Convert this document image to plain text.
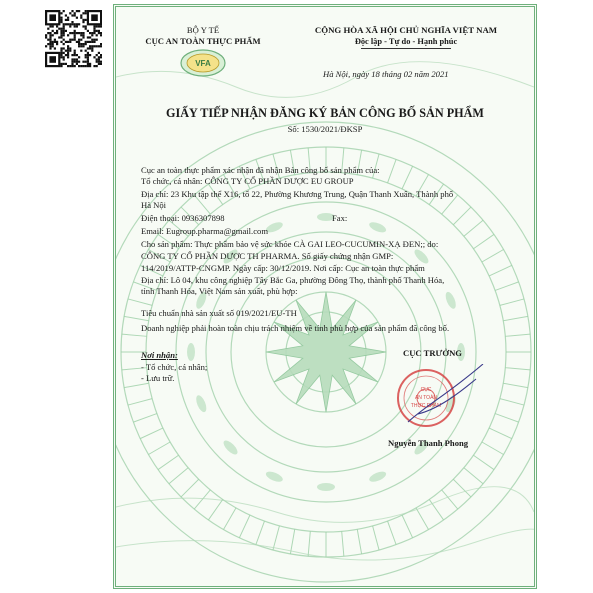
BỘ Y TẾ
CỤC AN TOÀN THỰC PHẨM
VFA
CỘNG HÒA XÃ HỘI CHỦ NGHĨA VIỆT NAM
Độc lập - Tự do - Hạnh phúc
Hà Nội, ngày 18 tháng 02 năm 2021
GIẤY TIẾP NHẬN ĐĂNG KÝ BẢN CÔNG BỐ SẢN PHẨM
Số: 1530/2021/ĐKSP
Cục an toàn thực phẩm xác nhận đã nhận Bản công bố sản phẩm của:
Tổ chức, cá nhân: CÔNG TY CỔ PHẦN DƯỢC EU GROUP
Địa chỉ: 23 Khu tập thể X16, tổ 22, Phường Khương Trung, Quận Thanh Xuân, Thành phố
Hà Nội
Điện thoại: 0936307898	Fax:
Email: Eugroup.pharma@gmail.com
Cho sản phẩm: Thực phẩm bảo vệ sức khỏe CÀ GAI LEO-CUCUMIN-XẠ ĐEN;; do:
CÔNG TY CỔ PHẦN DƯỢC TH PHARMA. Số giấy chứng nhận GMP:
114/2019/ATTP-CNGMP. Ngày cấp: 30/12/2019. Nơi cấp: Cục an toàn thực phẩm
Địa chỉ: Lô 04, khu công nghiệp Tây Bắc Ga, phường Đông Thọ, thành phố Thanh Hóa,
tỉnh Thanh Hóa, Việt Nam sản xuất, phù hợp:
Tiêu chuẩn nhà sản xuất số 019/2021/EU-TH
Doanh nghiệp phải hoàn toàn chịu trách nhiệm về tính phù hợp của sản phẩm đã công bố.
Nơi nhận:
- Tổ chức, cá nhân;
- Lưu trữ.
CỤC TRƯỞNG
CỤC
AN TOÀN
THỰC PHẨM
Nguyễn Thanh Phong
